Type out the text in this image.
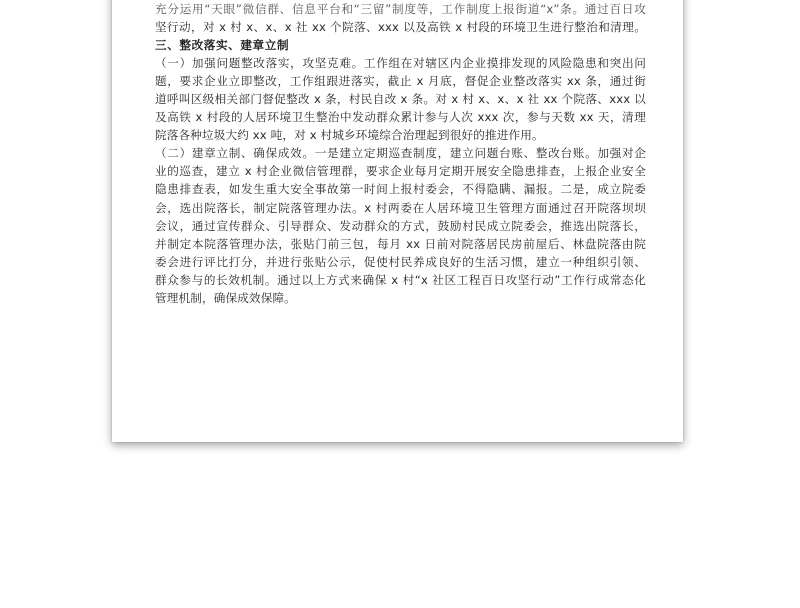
充分运用“天眼”微信群、信息平台和“三留”制度等，工作制度上报街道“x”条。通过百日攻

坚行动，对 x 村 x、x、x 社 xx 个院落、xxx 以及高铁 x 村段的环境卫生进行整治和清理。

三、整改落实、建章立制

（一）加强问题整改落实，攻坚克难。工作组在对辖区内企业摸排发现的风险隐患和突出问

题，要求企业立即整改，工作组跟进落实，截止 x 月底，督促企业整改落实 xx 条，通过街

道呼叫区级相关部门督促整改 x 条，村民自改 x 条。对 x 村 x、x、x 社 xx 个院落、xxx 以

及高铁 x 村段的人居环境卫生整治中发动群众累计参与人次 xxx 次，参与天数 xx 天，清理

院落各种垃圾大约 xx 吨，对 x 村城乡环境综合治理起到很好的推进作用。

（二）建章立制、确保成效。一是建立定期巡查制度，建立问题台账、整改台账。加强对企

业的巡查，建立 x 村企业微信管理群，要求企业每月定期开展安全隐患排查，上报企业安全

隐患排查表，如发生重大安全事故第一时间上报村委会，不得隐瞒、漏报。二是，成立院委

会，选出院落长，制定院落管理办法。x 村两委在人居环境卫生管理方面通过召开院落坝坝

会议，通过宣传群众、引导群众、发动群众的方式，鼓励村民成立院委会，推选出院落长，

并制定本院落管理办法，张贴门前三包，每月 xx 日前对院落居民房前屋后、林盘院落由院

委会进行评比打分，并进行张贴公示，促使村民养成良好的生活习惯，建立一种组织引领、

群众参与的长效机制。通过以上方式来确保 x 村“x 社区工程百日攻坚行动”工作行成常态化

管理机制，确保成效保障。
